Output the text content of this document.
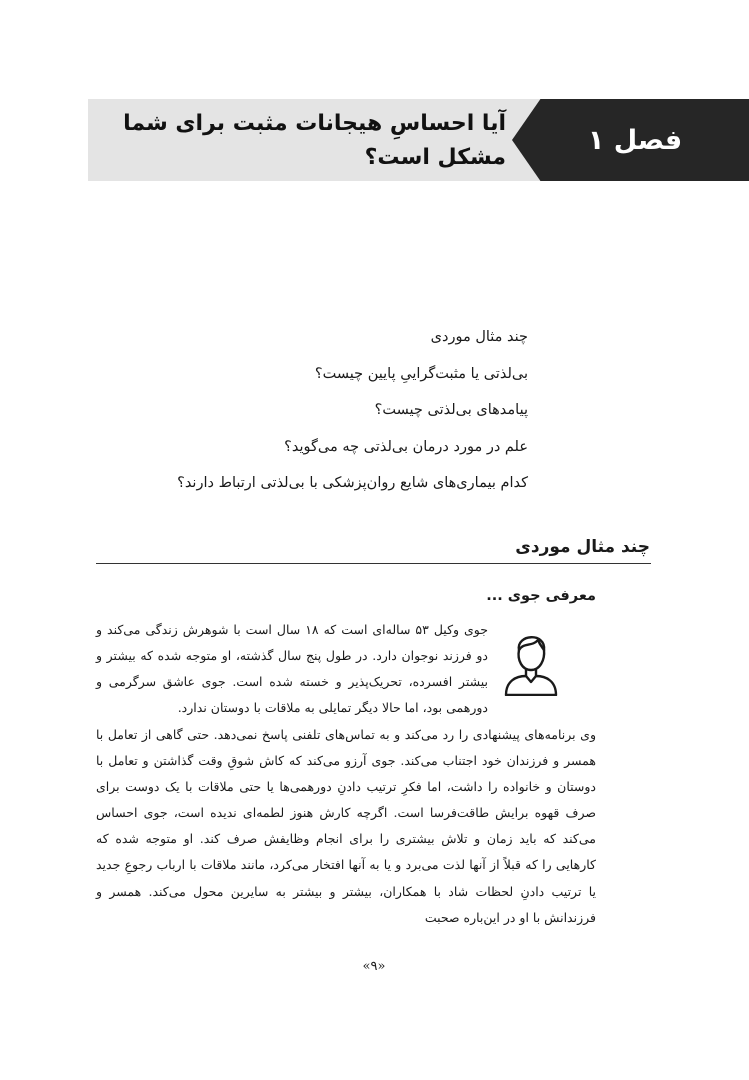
فصل ۱
آیا احساسِ هیجانات مثبت برای شما مشکل است؟
چند مثال موردی
بی‌لذتی یا مثبت‌گراییِ پایین چیست؟
پیامدهای بی‌لذتی چیست؟
علم در مورد درمان بی‌لذتی چه می‌گوید؟
کدام بیماری‌های شایع روان‌پزشکی با بی‌لذتی ارتباط دارند؟
چند مثال موردی
معرفی جوی ...

جوی وکیل ۵۳ ساله‌ای است که ۱۸ سال است با شوهرش زندگی می‌کند و دو فرزند نوجوان دارد. در طول پنج سال گذشته، او متوجه شده که بیشتر و بیشتر افسرده، تحریک‌پذیر و خسته شده است. جوی عاشق سرگرمی و دورهمی بود، اما حالا دیگر تمایلی به ملاقات با دوستان ندارد.

وی برنامه‌های پیشنهادی را رد می‌کند و به تماس‌های تلفنی پاسخ نمی‌دهد. حتی گاهی از تعامل با همسر و فرزندان خود اجتناب می‌کند. جوی آرزو می‌کند که کاش شوقِ وقت گذاشتن و تعامل با دوستان و خانواده را داشت، اما فکرِ ترتیب دادنِ دورهمی‌ها یا حتی ملاقات با یک دوست برای صرف قهوه برایش طاقت‌فرسا است. اگرچه کارش هنوز لطمه‌ای ندیده است، جوی احساس می‌کند که باید زمان و تلاش بیشتری را برای انجام وظایفش صرف کند. او متوجه شده که کارهایی را که قبلاً از آنها لذت می‌برد و یا به آنها افتخار می‌کرد، مانند ملاقات با ارباب رجوعِ جدید یا ترتیب دادنِ لحظات شاد با همکاران، بیشتر و بیشتر به سایرین محول می‌کند. همسر و فرزندانش با او در این‌باره صحبت

«۹»
